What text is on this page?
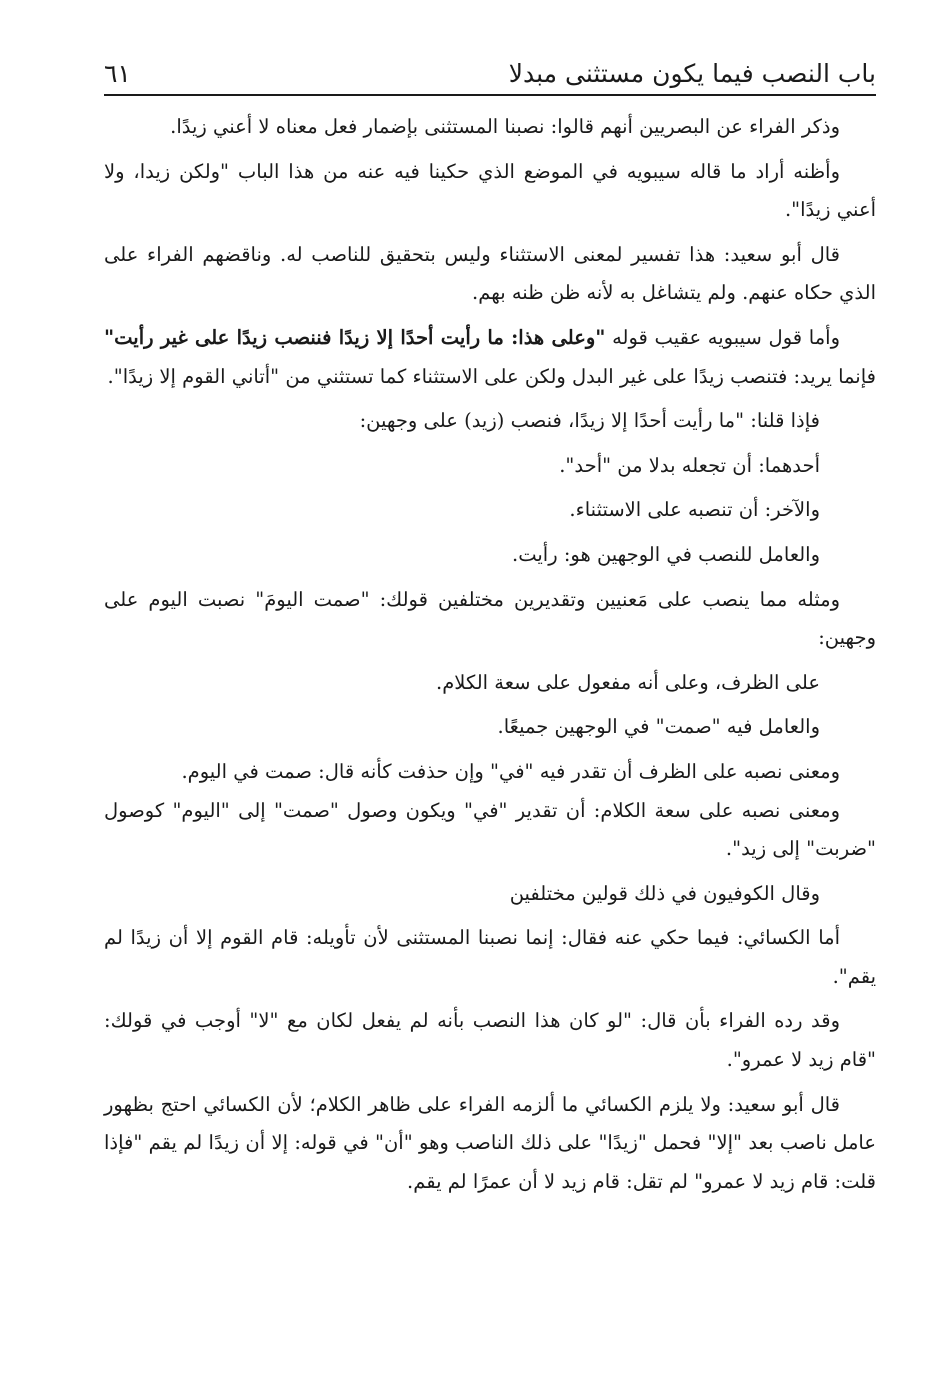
باب النصب فيما يكون مستثنى مبدلا
٦١

وذكر الفراء عن البصريين أنهم قالوا: نصبنا المستثنى بإضمار فعل معناه لا أعني زيدًا.

وأظنه أراد ما قاله سيبويه في الموضع الذي حكينا فيه عنه من هذا الباب "ولكن زيدا، ولا أعني زيدًا".

قال أبو سعيد: هذا تفسير لمعنى الاستثناء وليس بتحقيق للناصب له. وناقضهم الفراء على الذي حكاه عنهم. ولم يتشاغل به لأنه ظن ظنه بهم.

وأما قول سيبويه عقيب قوله "وعلى هذا: ما رأيت أحدًا إلا زيدًا فننصب زيدًا على غير رأيت" فإنما يريد: فتنصب زيدًا على غير البدل ولكن على الاستثناء كما تستثني من "أتاني القوم إلا زيدًا".

فإذا قلنا: "ما رأيت أحدًا إلا زيدًا، فنصب (زيد) على وجهين:

أحدهما: أن تجعله بدلا من "أحد".

والآخر: أن تنصبه على الاستثناء.

والعامل للنصب في الوجهين هو: رأيت.

ومثله مما ينصب على مَعنيين وتقديرين مختلفين قولك: "صمت اليومَ" نصبت اليوم على وجهين:

على الظرف، وعلى أنه مفعول على سعة الكلام.

والعامل فيه "صمت" في الوجهين جميعًا.

ومعنى نصبه على الظرف أن تقدر فيه "في" وإن حذفت كأنه قال: صمت في اليوم.

ومعنى نصبه على سعة الكلام: أن تقدير "في" ويكون وصول "صمت" إلى "اليوم" كوصول "ضربت" إلى زيد".

وقال الكوفيون في ذلك قولين مختلفين

أما الكسائي: فيما حكي عنه فقال: إنما نصبنا المستثنى لأن تأويله: قام القوم إلا أن زيدًا لم يقم".

وقد رده الفراء بأن قال: "لو كان هذا النصب بأنه لم يفعل لكان مع "لا" أوجب في قولك: "قام زيد لا عمرو".

قال أبو سعيد: ولا يلزم الكسائي ما ألزمه الفراء على ظاهر الكلام؛ لأن الكسائي احتج بظهور عامل ناصب بعد "إلا" فحمل "زيدًا" على ذلك الناصب وهو "أن" في قوله: إلا أن زيدًا لم يقم "فإذا قلت: قام زيد لا عمرو" لم تقل: قام زيد لا أن عمرًا لم يقم.
